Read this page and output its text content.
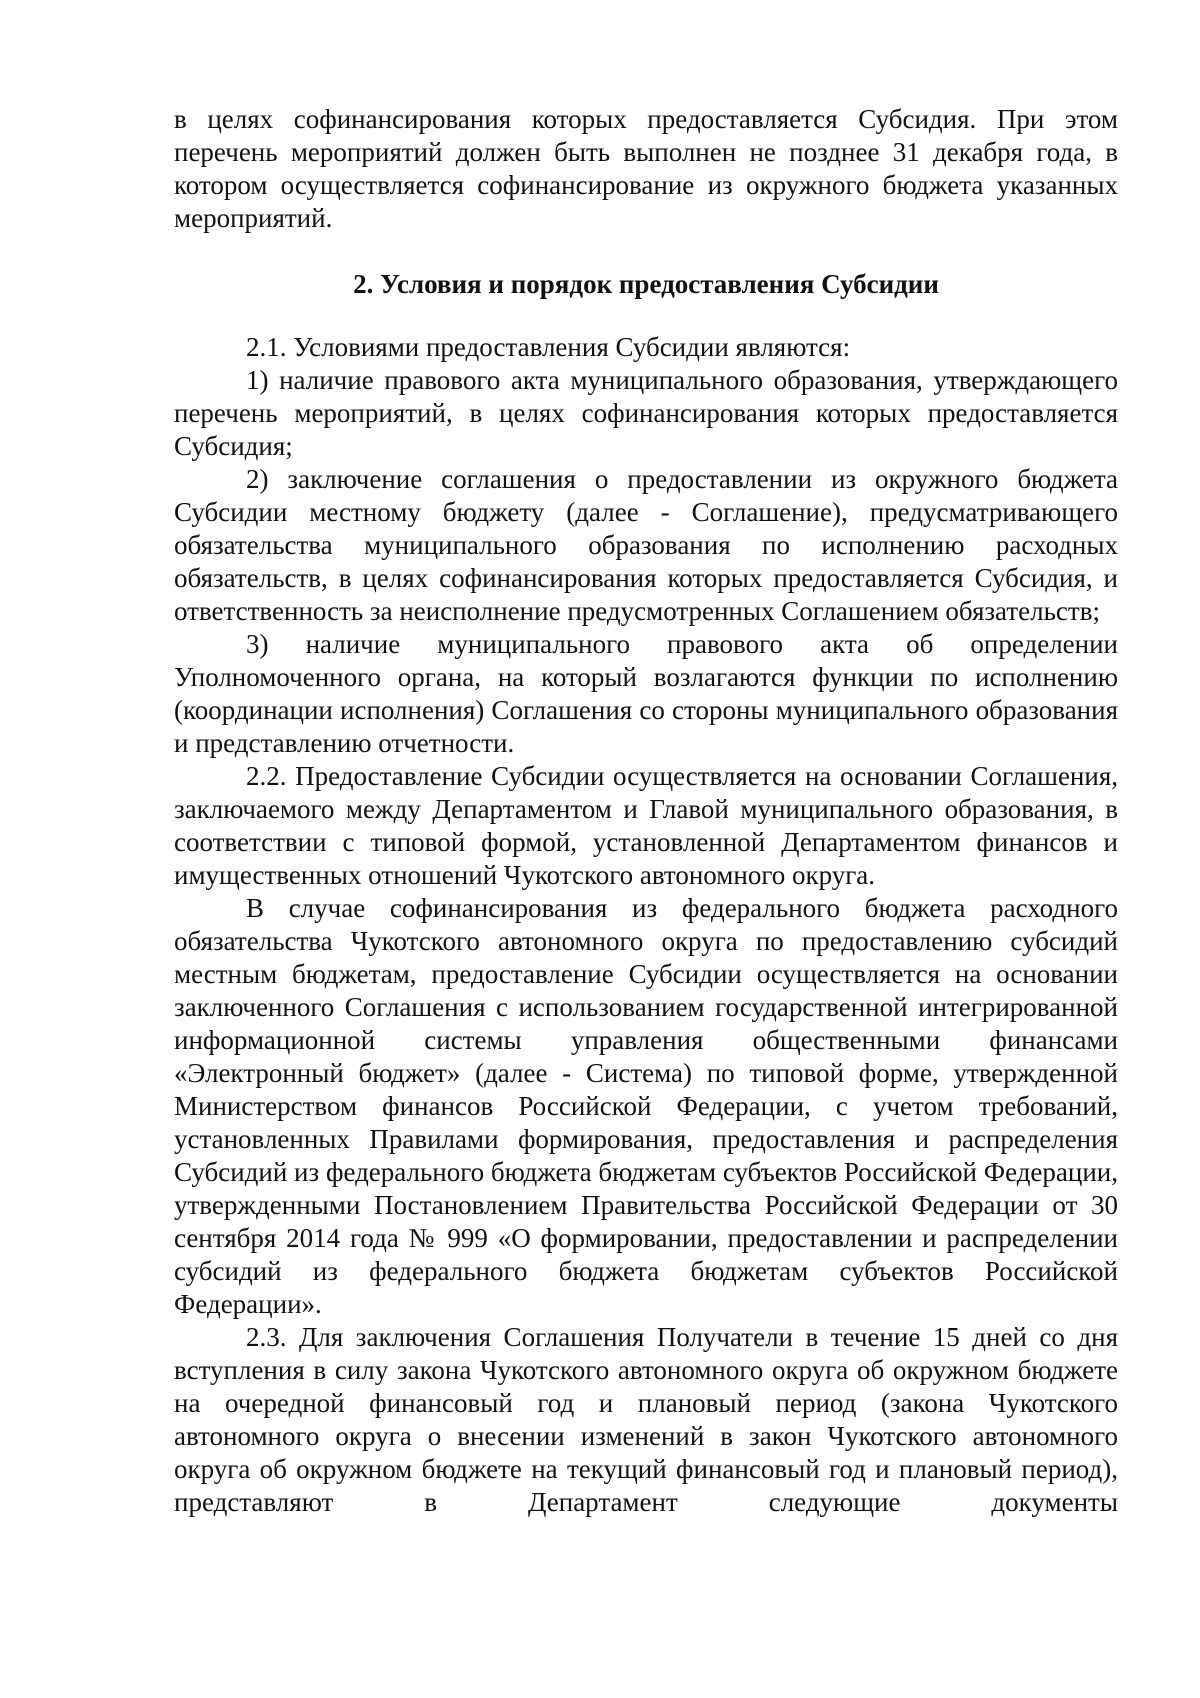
в целях софинансирования которых предоставляется Субсидия. При этом перечень мероприятий должен быть выполнен не позднее 31 декабря года, в котором осуществляется софинансирование из окружного бюджета указанных мероприятий.

2. Условия и порядок предоставления Субсидии

2.1. Условиями предоставления Субсидии являются:

1) наличие правового акта муниципального образования, утверждающего перечень мероприятий, в целях софинансирования которых предоставляется Субсидия;

2) заключение соглашения о предоставлении из окружного бюджета Субсидии местному бюджету (далее - Соглашение), предусматривающего обязательства муниципального образования по исполнению расходных обязательств, в целях софинансирования которых предоставляется Субсидия, и ответственность за неисполнение предусмотренных Соглашением обязательств;

3) наличие муниципального правового акта об определении Уполномоченного органа, на который возлагаются функции по исполнению (координации исполнения) Соглашения со стороны муниципального образования и представлению отчетности.

2.2. Предоставление Субсидии осуществляется на основании Соглашения, заключаемого между Департаментом и Главой муниципального образования, в соответствии с типовой формой, установленной Департаментом финансов и имущественных отношений Чукотского автономного округа.

В случае софинансирования из федерального бюджета расходного обязательства Чукотского автономного округа по предоставлению субсидий местным бюджетам, предоставление Субсидии осуществляется на основании заключенного Соглашения с использованием государственной интегрированной информационной системы управления общественными финансами «Электронный бюджет» (далее - Система) по типовой форме, утвержденной Министерством финансов Российской Федерации, с учетом требований, установленных Правилами формирования, предоставления и распределения Субсидий из федерального бюджета бюджетам субъектов Российской Федерации, утвержденными Постановлением Правительства Российской Федерации от 30 сентября 2014 года № 999 «О формировании, предоставлении и распределении субсидий из федерального бюджета бюджетам субъектов Российской Федерации».

2.3. Для заключения Соглашения Получатели в течение 15 дней со дня вступления в силу закона Чукотского автономного округа об окружном бюджете на очередной финансовый год и плановый период (закона Чукотского автономного округа о внесении изменений в закон Чукотского автономного округа об окружном бюджете на текущий финансовый год и плановый период), представляют в Департамент следующие документы
